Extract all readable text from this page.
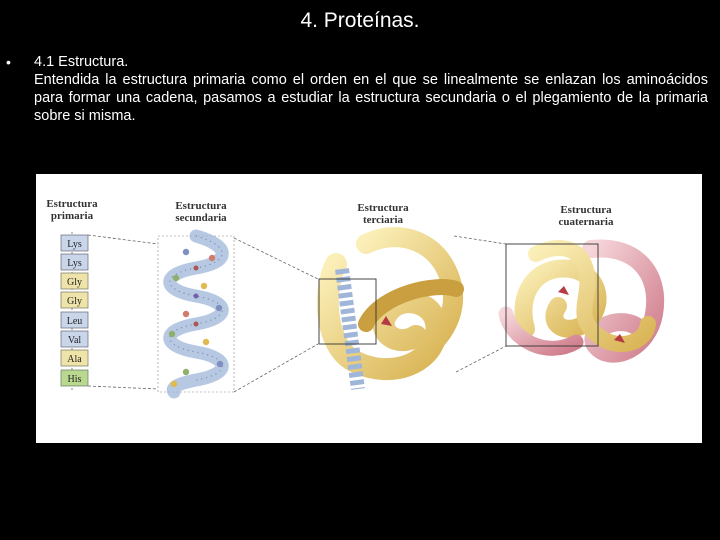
4. Proteínas.
• 4.1 Estructura.

Entendida la estructura primaria como el orden en el que se linealmente se enlazan los aminoácidos para formar una cadena, pasamos a estudiar la estructura secundaria o el plegamiento de la primaria sobre si misma.

Estructura
primaria
Estructura
secundaria
Estructura
terciaria
Estructura
cuaternaria
Lys
Lys
Gly
Gly
Leu
Val
Ala
His
